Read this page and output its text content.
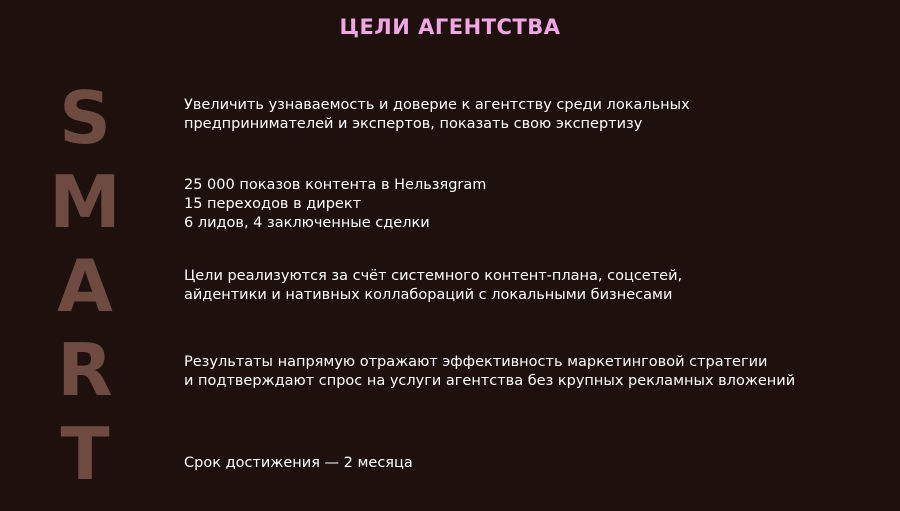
ЦЕЛИ АГЕНТСТВА
S
M
A
R
T
Увеличить узнаваемость и доверие к агентству среди локальных
предпринимателей и экспертов, показать свою экспертизу
25 000 показов контента в Нельзяgram
15 переходов в директ
6 лидов, 4 заключенные сделки
Цели реализуются за счёт системного контент-плана, соцсетей,
айдентики и нативных коллабораций с локальными бизнесами
Результаты напрямую отражают эффективность маркетинговой стратегии
и подтверждают спрос на услуги агентства без крупных рекламных вложений
Срок достижения — 2 месяца
